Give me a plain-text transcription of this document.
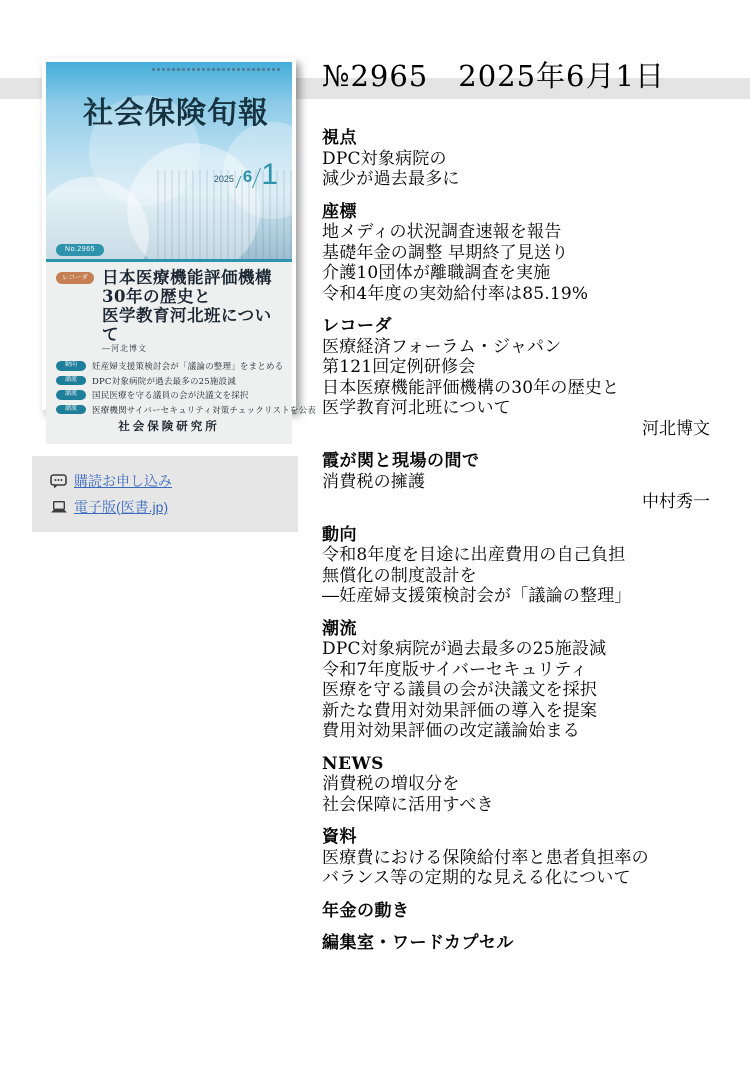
№2965　2025年6月1日
社会保険旬報
2025 6 1
No.2965
レコーダ 日本医療機能評価機構
30年の歴史と
医学教育河北班について
―河北博文
動向	妊産婦支援策検討会が「議論の整理」をまとめる
潮流	DPC対象病院が過去最多の25施設減
潮流	国民医療を守る議員の会が決議文を採択
潮流	医療機関サイバーセキュリティ対策チェックリストを公表
社会保険研究所
購読お申し込み
電子版(医書.jp)
視点
DPC対象病院の
減少が過去最多に
座標
地メディの状況調査速報を報告
基礎年金の調整 早期終了見送り
介護10団体が離職調査を実施
令和4年度の実効給付率は85.19%
レコーダ
医療経済フォーラム・ジャパン
第121回定例研修会
日本医療機能評価機構の30年の歴史と
医学教育河北班について
河北博文
霞が関と現場の間で
消費税の擁護
中村秀一
動向
令和8年度を目途に出産費用の自己負担
無償化の制度設計を
―妊産婦支援策検討会が「議論の整理」
潮流
DPC対象病院が過去最多の25施設減
令和7年度版サイバーセキュリティ
医療を守る議員の会が決議文を採択
新たな費用対効果評価の導入を提案
費用対効果評価の改定議論始まる
NEWS
消費税の増収分を
社会保障に活用すべき
資料
医療費における保険給付率と患者負担率の
バランス等の定期的な見える化について
年金の動き
編集室・ワードカプセル
